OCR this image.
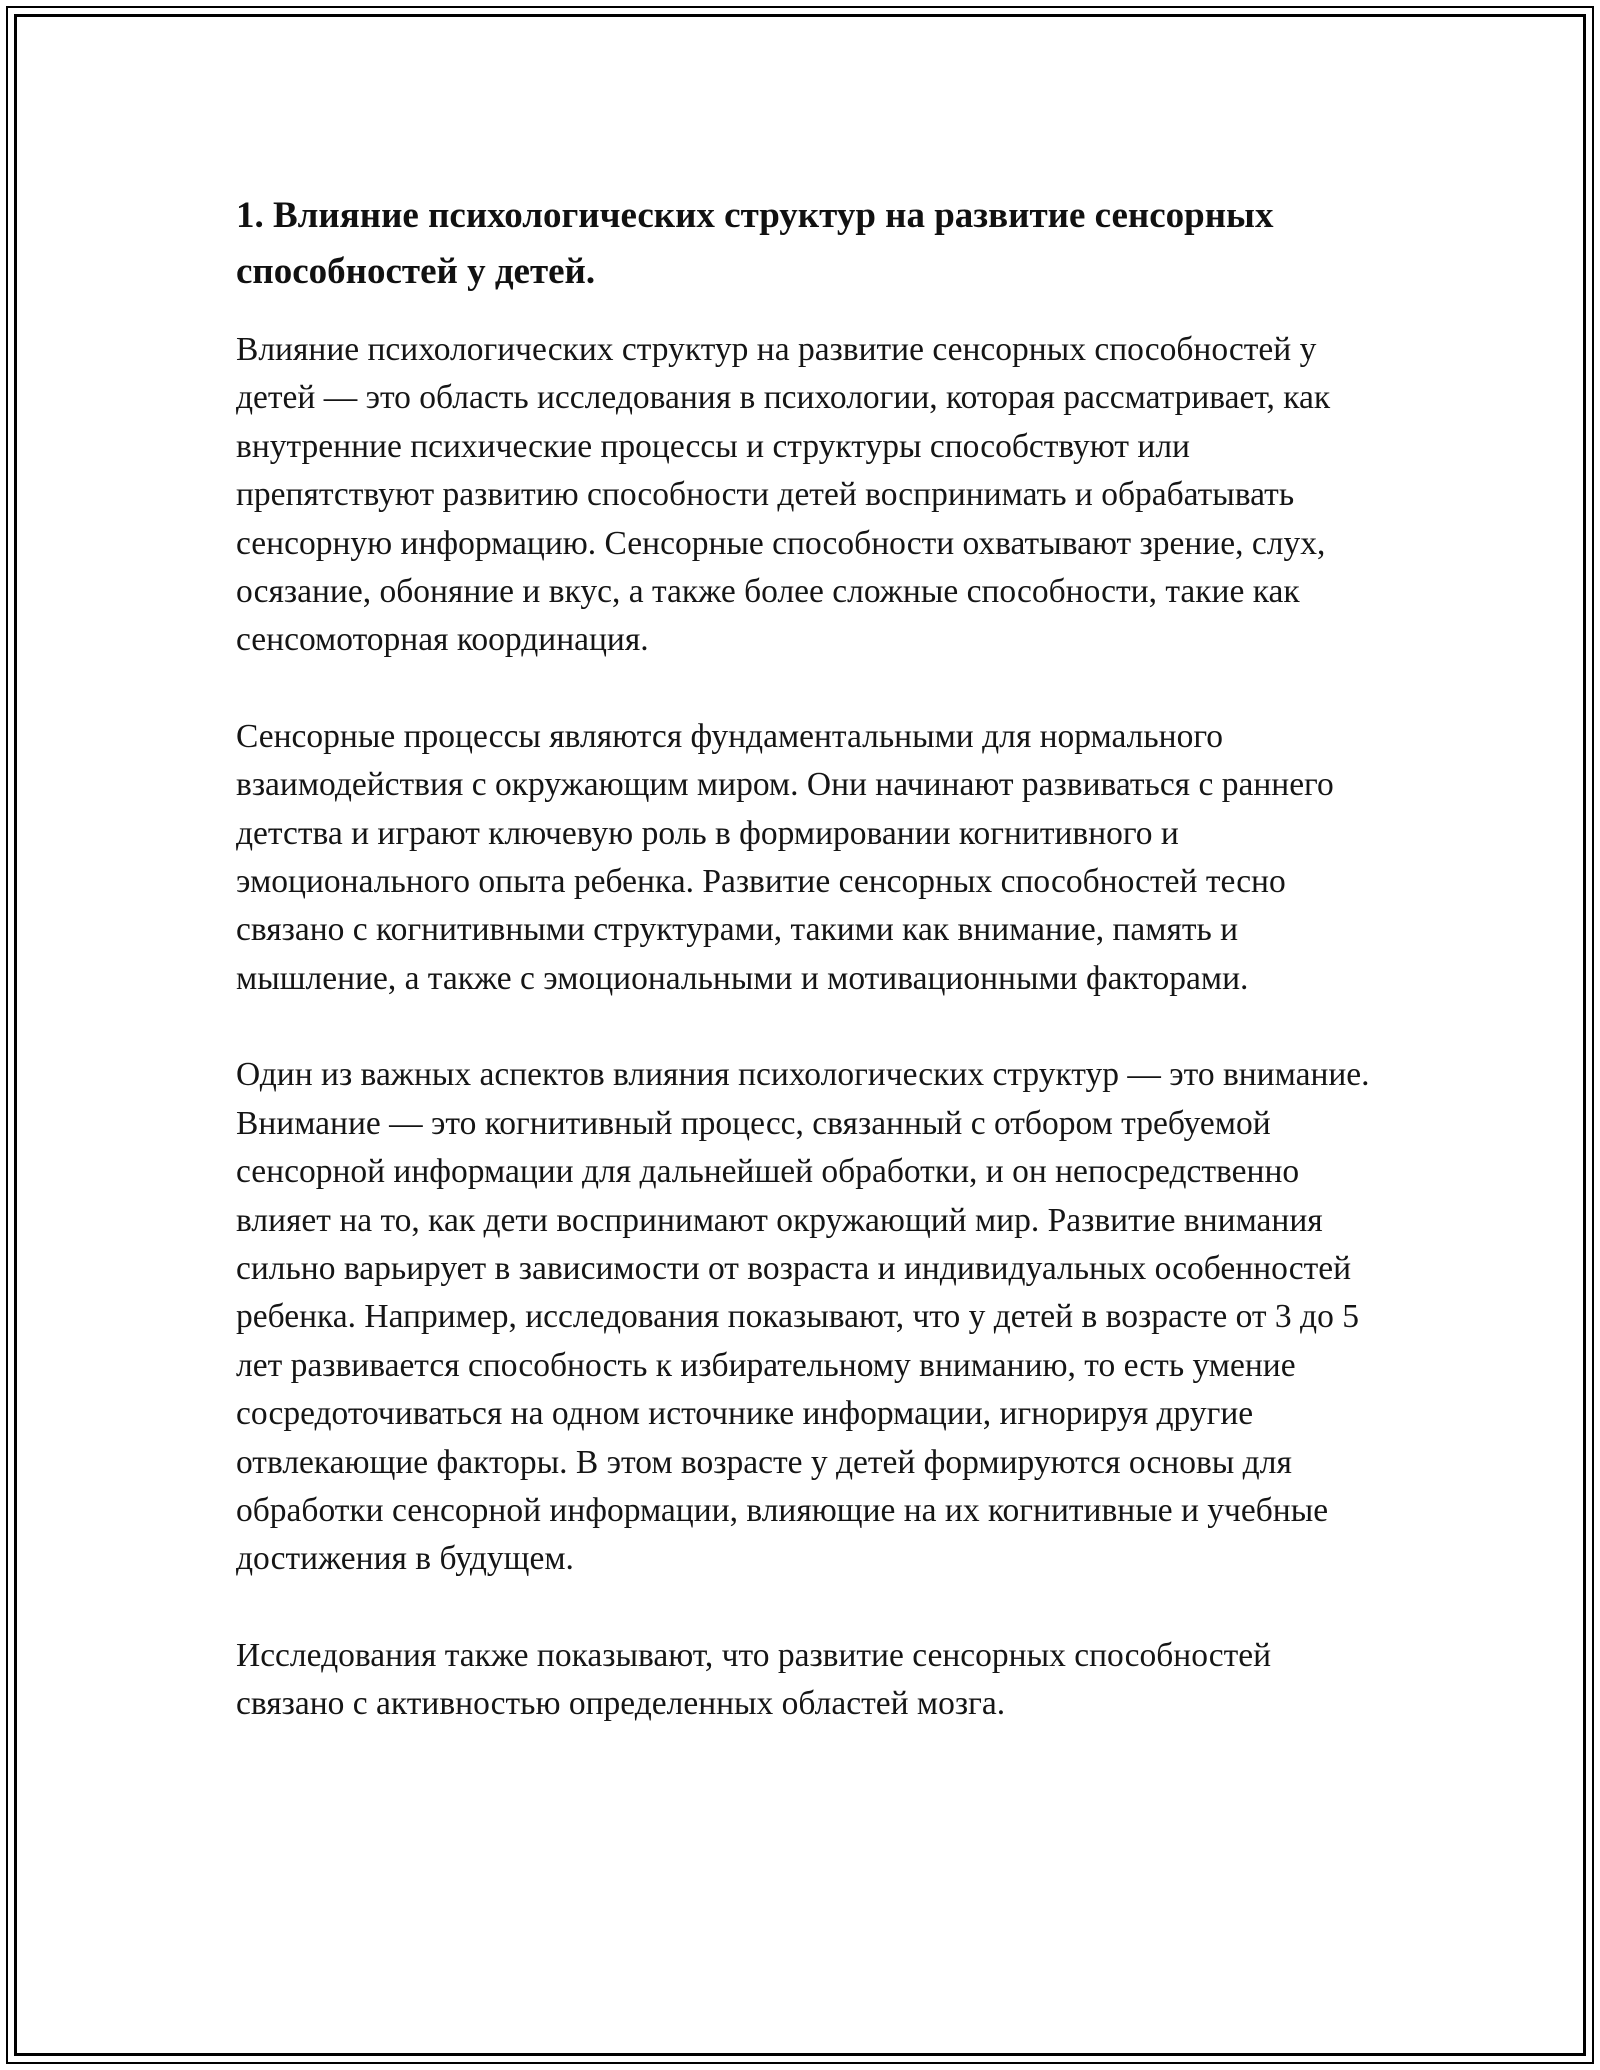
1. Влияние психологических структур на развитие сенсорных способностей у детей.

Влияние психологических структур на развитие сенсорных способностей у детей — это область исследования в психологии, которая рассматривает, как внутренние психические процессы и структуры способствуют или препятствуют развитию способности детей воспринимать и обрабатывать сенсорную информацию. Сенсорные способности охватывают зрение, слух, осязание, обоняние и вкус, а также более сложные способности, такие как сенсомоторная координация.

Сенсорные процессы являются фундаментальными для нормального взаимодействия с окружающим миром. Они начинают развиваться с раннего детства и играют ключевую роль в формировании когнитивного и эмоционального опыта ребенка. Развитие сенсорных способностей тесно связано с когнитивными структурами, такими как внимание, память и мышление, а также с эмоциональными и мотивационными факторами.

Один из важных аспектов влияния психологических структур — это внимание. Внимание — это когнитивный процесс, связанный с отбором требуемой сенсорной информации для дальнейшей обработки, и он непосредственно влияет на то, как дети воспринимают окружающий мир. Развитие внимания сильно варьирует в зависимости от возраста и индивидуальных особенностей ребенка. Например, исследования показывают, что у детей в возрасте от 3 до 5 лет развивается способность к избирательному вниманию, то есть умение сосредоточиваться на одном источнике информации, игнорируя другие отвлекающие факторы. В этом возрасте у детей формируются основы для обработки сенсорной информации, влияющие на их когнитивные и учебные достижения в будущем.

Исследования также показывают, что развитие сенсорных способностей связано с активностью определенных областей мозга.
